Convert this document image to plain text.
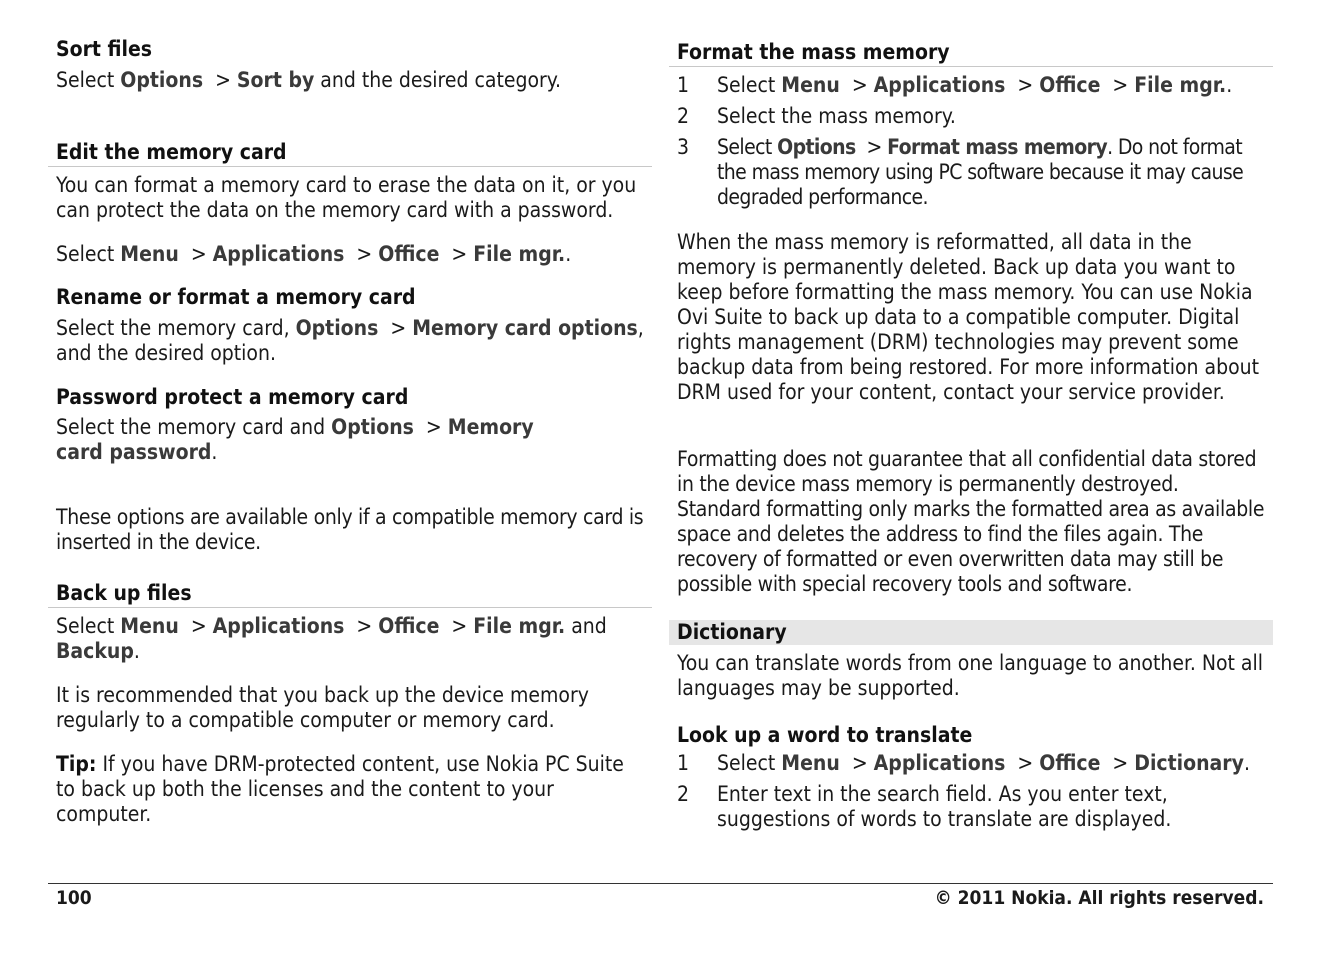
Sort files

Select Options > Sort by and the desired category.

Edit the memory card

You can format a memory card to erase the data on it, or you can protect the data on the memory card with a password.

Select Menu > Applications > Office > File mgr..

Rename or format a memory card

Select the memory card, Options > Memory card options, and the desired option.

Password protect a memory card

Select the memory card and Options > Memory card password.

These options are available only if a compatible memory card is inserted in the device.

Back up files

Select Menu > Applications > Office > File mgr. and Backup.

It is recommended that you back up the device memory regularly to a compatible computer or memory card.

Tip: If you have DRM-protected content, use Nokia PC Suite to back up both the licenses and the content to your computer.

Format the mass memory
1 Select Menu > Applications > Office > File mgr..
2 Select the mass memory.
3 Select Options > Format mass memory. Do not format the mass memory using PC software because it may cause degraded performance.

When the mass memory is reformatted, all data in the memory is permanently deleted. Back up data you want to keep before formatting the mass memory. You can use Nokia Ovi Suite to back up data to a compatible computer. Digital rights management (DRM) technologies may prevent some backup data from being restored. For more information about DRM used for your content, contact your service provider.

Formatting does not guarantee that all confidential data stored in the device mass memory is permanently destroyed. Standard formatting only marks the formatted area as available space and deletes the address to find the files again. The recovery of formatted or even overwritten data may still be possible with special recovery tools and software.

Dictionary

You can translate words from one language to another. Not all languages may be supported.

Look up a word to translate
1 Select Menu > Applications > Office > Dictionary.
2 Enter text in the search field. As you enter text, suggestions of words to translate are displayed.
100	© 2011 Nokia. All rights reserved.
